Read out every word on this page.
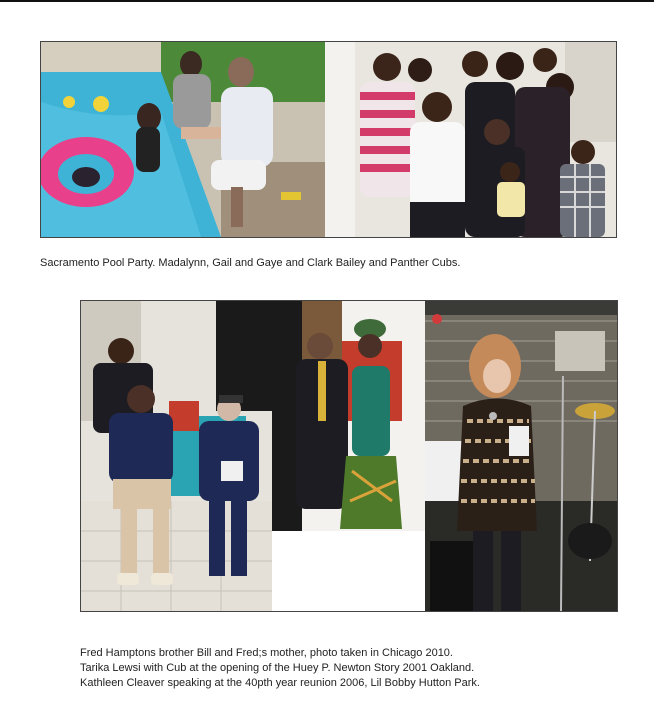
Sacramento Pool Party. Madalynn, Gail and Gaye and Clark Bailey and Panther Cubs.
Fred Hamptons brother Bill and Fred;s mother, photo taken in Chicago 2010.
Tarika Lewsi with Cub at the opening of the Huey P. Newton Story 2001 Oakland.
Kathleen Cleaver speaking at the 40pth year reunion 2006, Lil Bobby Hutton Park.
